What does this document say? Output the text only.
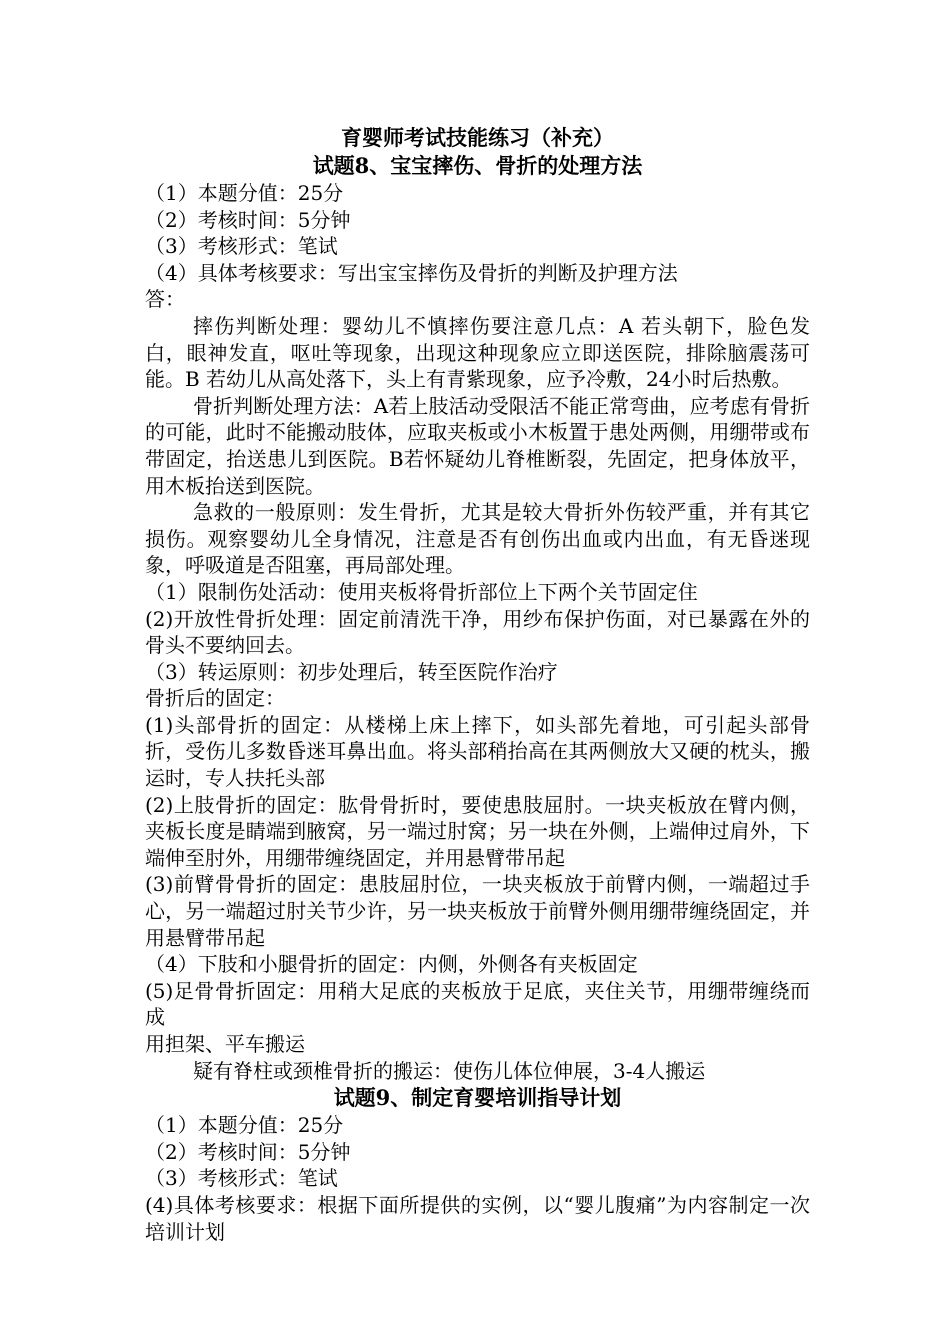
育婴师考试技能练习（补充）

试题8、宝宝摔伤、骨折的处理方法

（1）本题分值：25分

（2）考核时间：5分钟

（3）考核形式：笔试

（4）具体考核要求：写出宝宝摔伤及骨折的判断及护理方法

答：

摔伤判断处理：婴幼儿不慎摔伤要注意几点：A 若头朝下，脸色发白，眼神发直，呕吐等现象，出现这种现象应立即送医院，排除脑震荡可能。B 若幼儿从高处落下，头上有青紫现象，应予冷敷，24小时后热敷。

骨折判断处理方法：A若上肢活动受限活不能正常弯曲，应考虑有骨折的可能，此时不能搬动肢体，应取夹板或小木板置于患处两侧，用绷带或布带固定，抬送患儿到医院。B若怀疑幼儿脊椎断裂，先固定，把身体放平，用木板抬送到医院。

急救的一般原则：发生骨折，尤其是较大骨折外伤较严重，并有其它损伤。观察婴幼儿全身情况，注意是否有创伤出血或内出血，有无昏迷现象，呼吸道是否阻塞，再局部处理。

（1）限制伤处活动：使用夹板将骨折部位上下两个关节固定住

(2)开放性骨折处理：固定前清洗干净，用纱布保护伤面，对已暴露在外的骨头不要纳回去。

（3）转运原则：初步处理后，转至医院作治疗

骨折后的固定：

(1)头部骨折的固定：从楼梯上床上摔下，如头部先着地，可引起头部骨折，受伤儿多数昏迷耳鼻出血。将头部稍抬高在其两侧放大又硬的枕头，搬运时，专人扶托头部

(2)上肢骨折的固定：肱骨骨折时，要使患肢屈肘。一块夹板放在臂内侧，夹板长度是睛端到腋窝，另一端过肘窝；另一块在外侧，上端伸过肩外，下端伸至肘外，用绷带缠绕固定，并用悬臂带吊起

(3)前臂骨骨折的固定：患肢屈肘位，一块夹板放于前臂内侧，一端超过手心，另一端超过肘关节少许，另一块夹板放于前臂外侧用绷带缠绕固定，并用悬臂带吊起

（4）下肢和小腿骨折的固定：内侧，外侧各有夹板固定

(5)足骨骨折固定：用稍大足底的夹板放于足底，夹住关节，用绷带缠绕而成

用担架、平车搬运

疑有脊柱或颈椎骨折的搬运：使伤儿体位伸展，3-4人搬运

试题9、制定育婴培训指导计划

（1）本题分值：25分

（2）考核时间：5分钟

（3）考核形式：笔试

(4)具体考核要求：根据下面所提供的实例，以“婴儿腹痛”为内容制定一次培训计划
